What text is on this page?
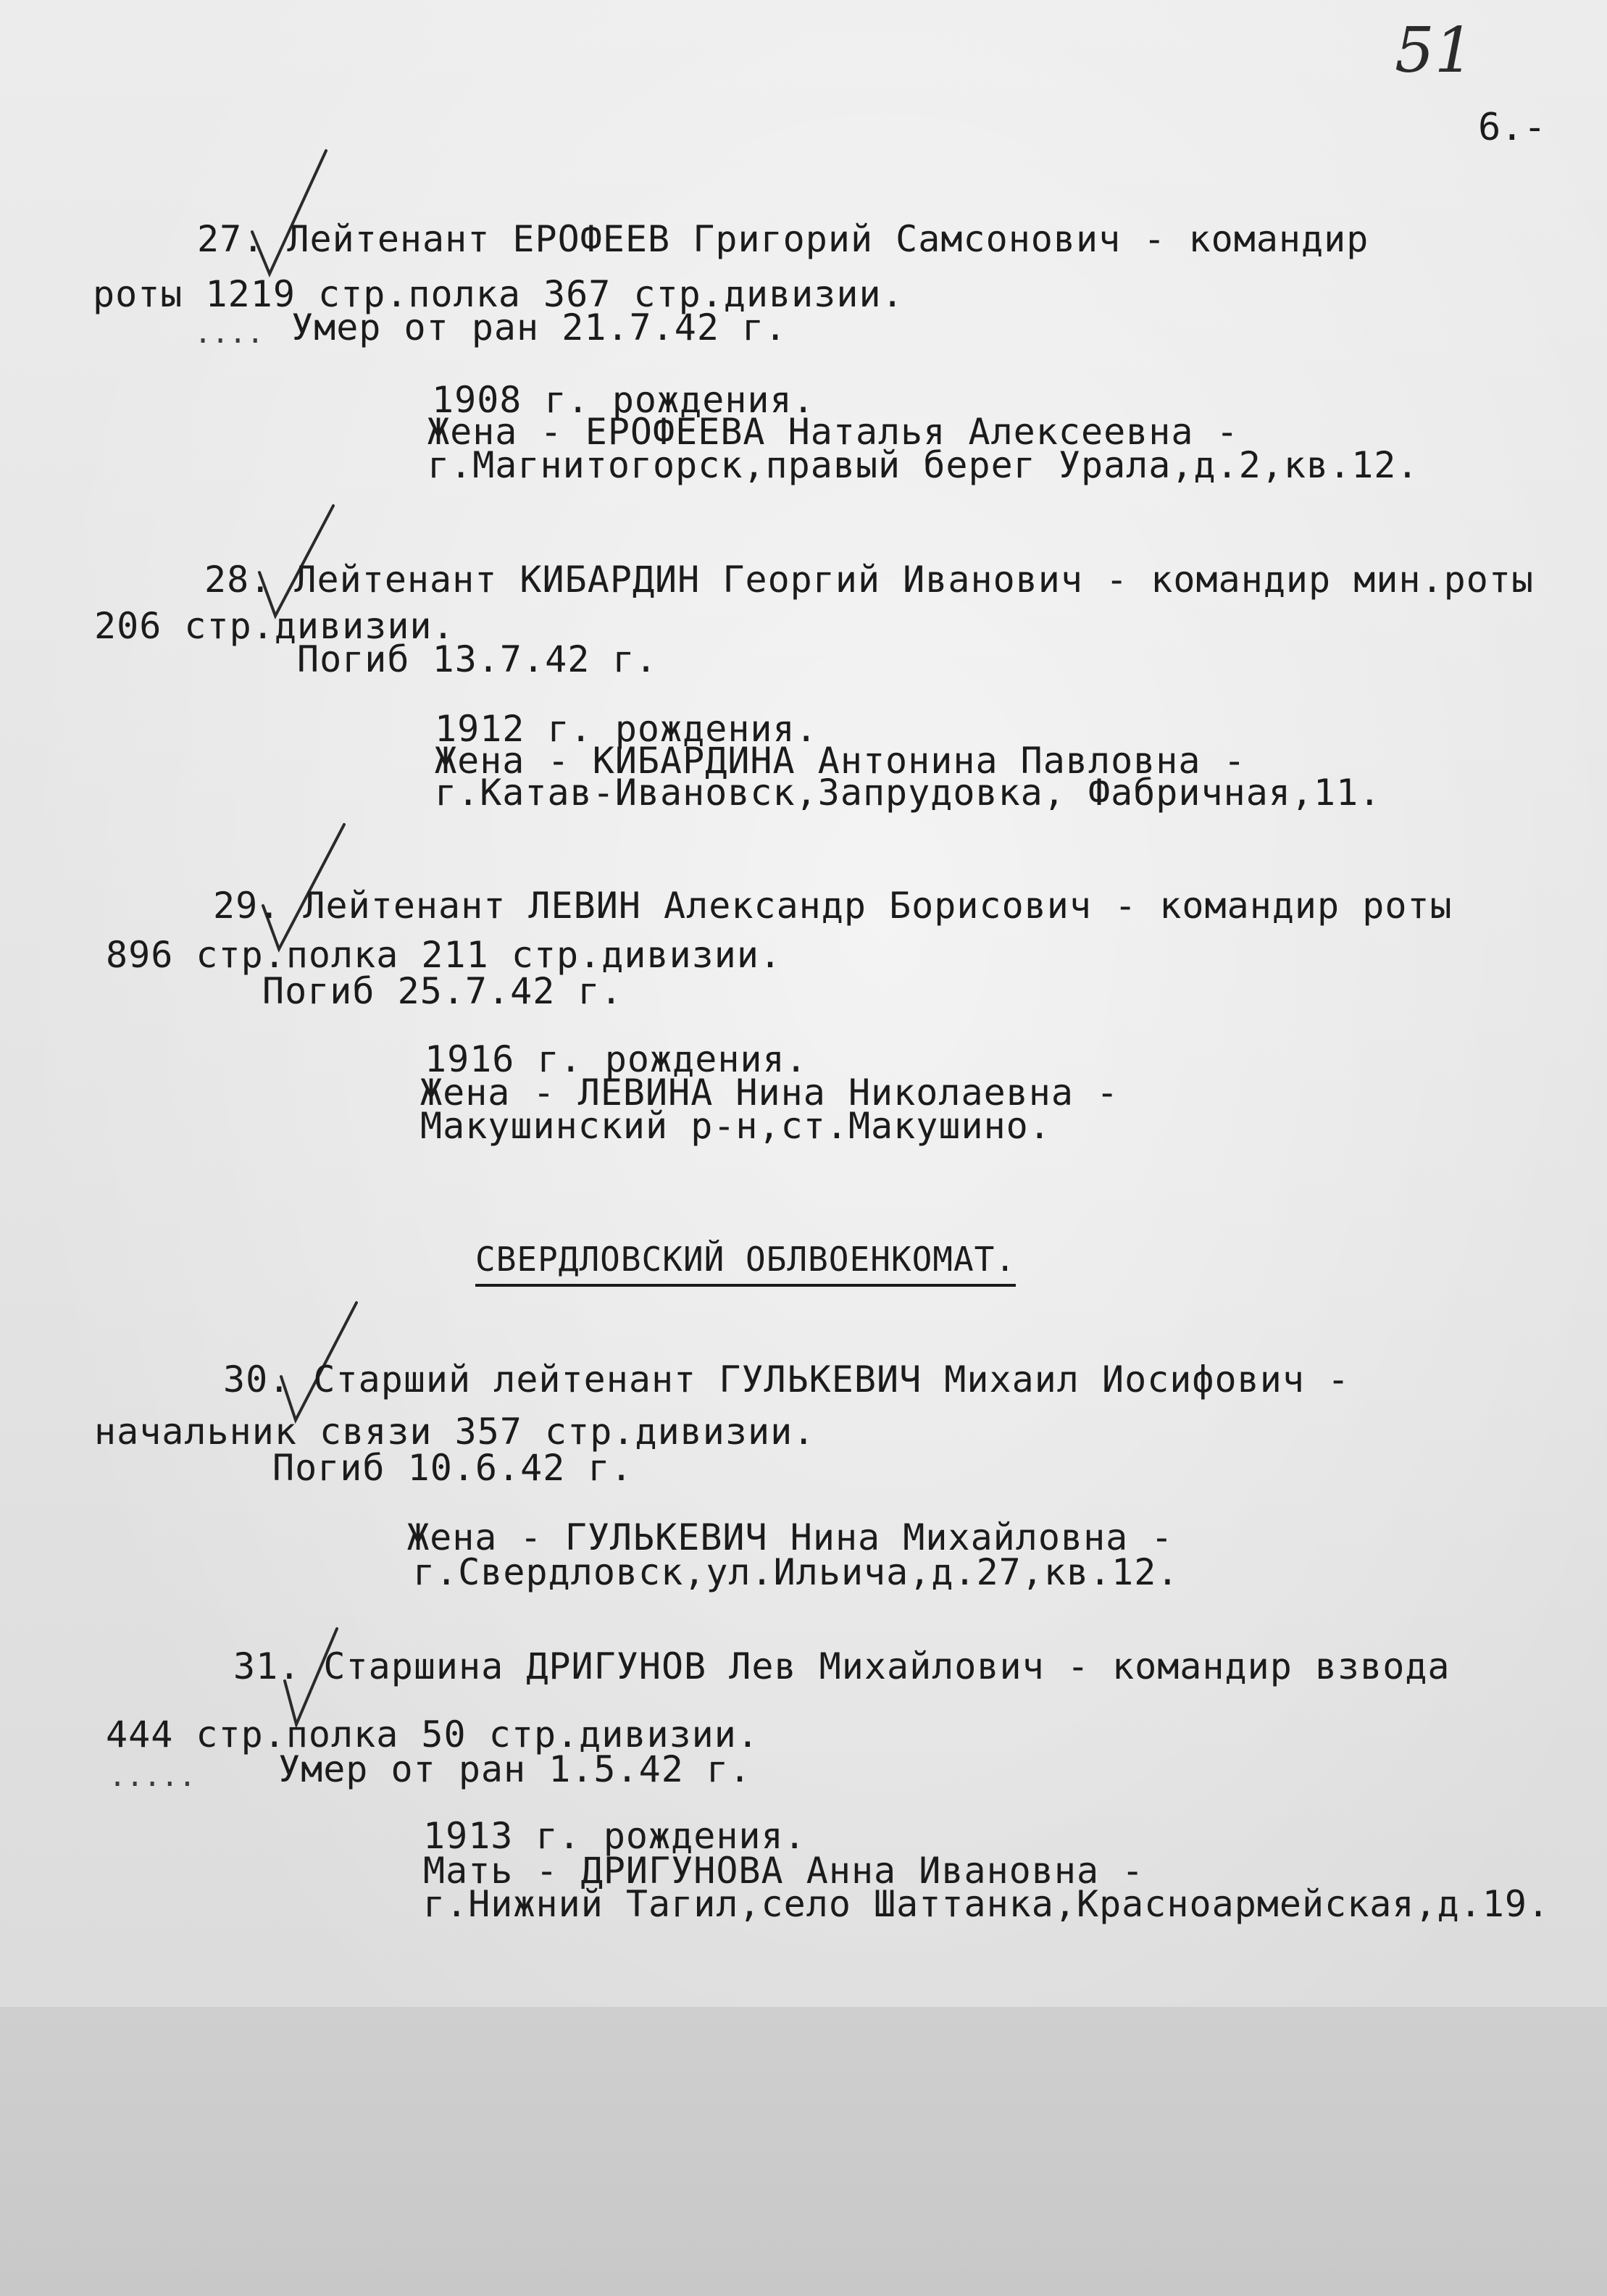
51
6.-
27. Лейтенант ЕРОФЕЕВ Григорий Самсонович - командир
роты 1219 стр.полка 367 стр.дивизии.
.... Умер от ран 21.7.42 г.
1908 г. рождения.
Жена - ЕРОФЕЕВА Наталья Алексеевна -
г.Магнитогорск,правый берег Урала,д.2,кв.12.
28. Лейтенант КИБАРДИН Георгий Иванович - командир мин.роты
206 стр.дивизии.
Погиб 13.7.42 г.
1912 г. рождения.
Жена - КИБАРДИНА Антонина Павловна -
г.Катав-Ивановск,Запрудовка, Фабричная,11.
29. Лейтенант ЛЕВИН Александр Борисович - командир роты
896 стр.полка 211 стр.дивизии.
Погиб 25.7.42 г.
1916 г. рождения.
Жена - ЛЕВИНА Нина Николаевна -
Макушинский р-н,ст.Макушино.
СВЕРДЛОВСКИЙ ОБЛВОЕНКОМАТ.
30. Старший лейтенант ГУЛЬКЕВИЧ Михаил Иосифович -
начальник связи 357 стр.дивизии.
Погиб 10.6.42 г.
Жена - ГУЛЬКЕВИЧ Нина Михайловна -
г.Свердловск,ул.Ильича,д.27,кв.12.
31. Старшина ДРИГУНОВ Лев Михайлович - командир взвода
444 стр.полка 50 стр.дивизии.
..... Умер от ран 1.5.42 г.
1913 г. рождения.
Мать - ДРИГУНОВА Анна Ивановна -
г.Нижний Тагил,село Шаттанка,Красноармейская,д.19.
